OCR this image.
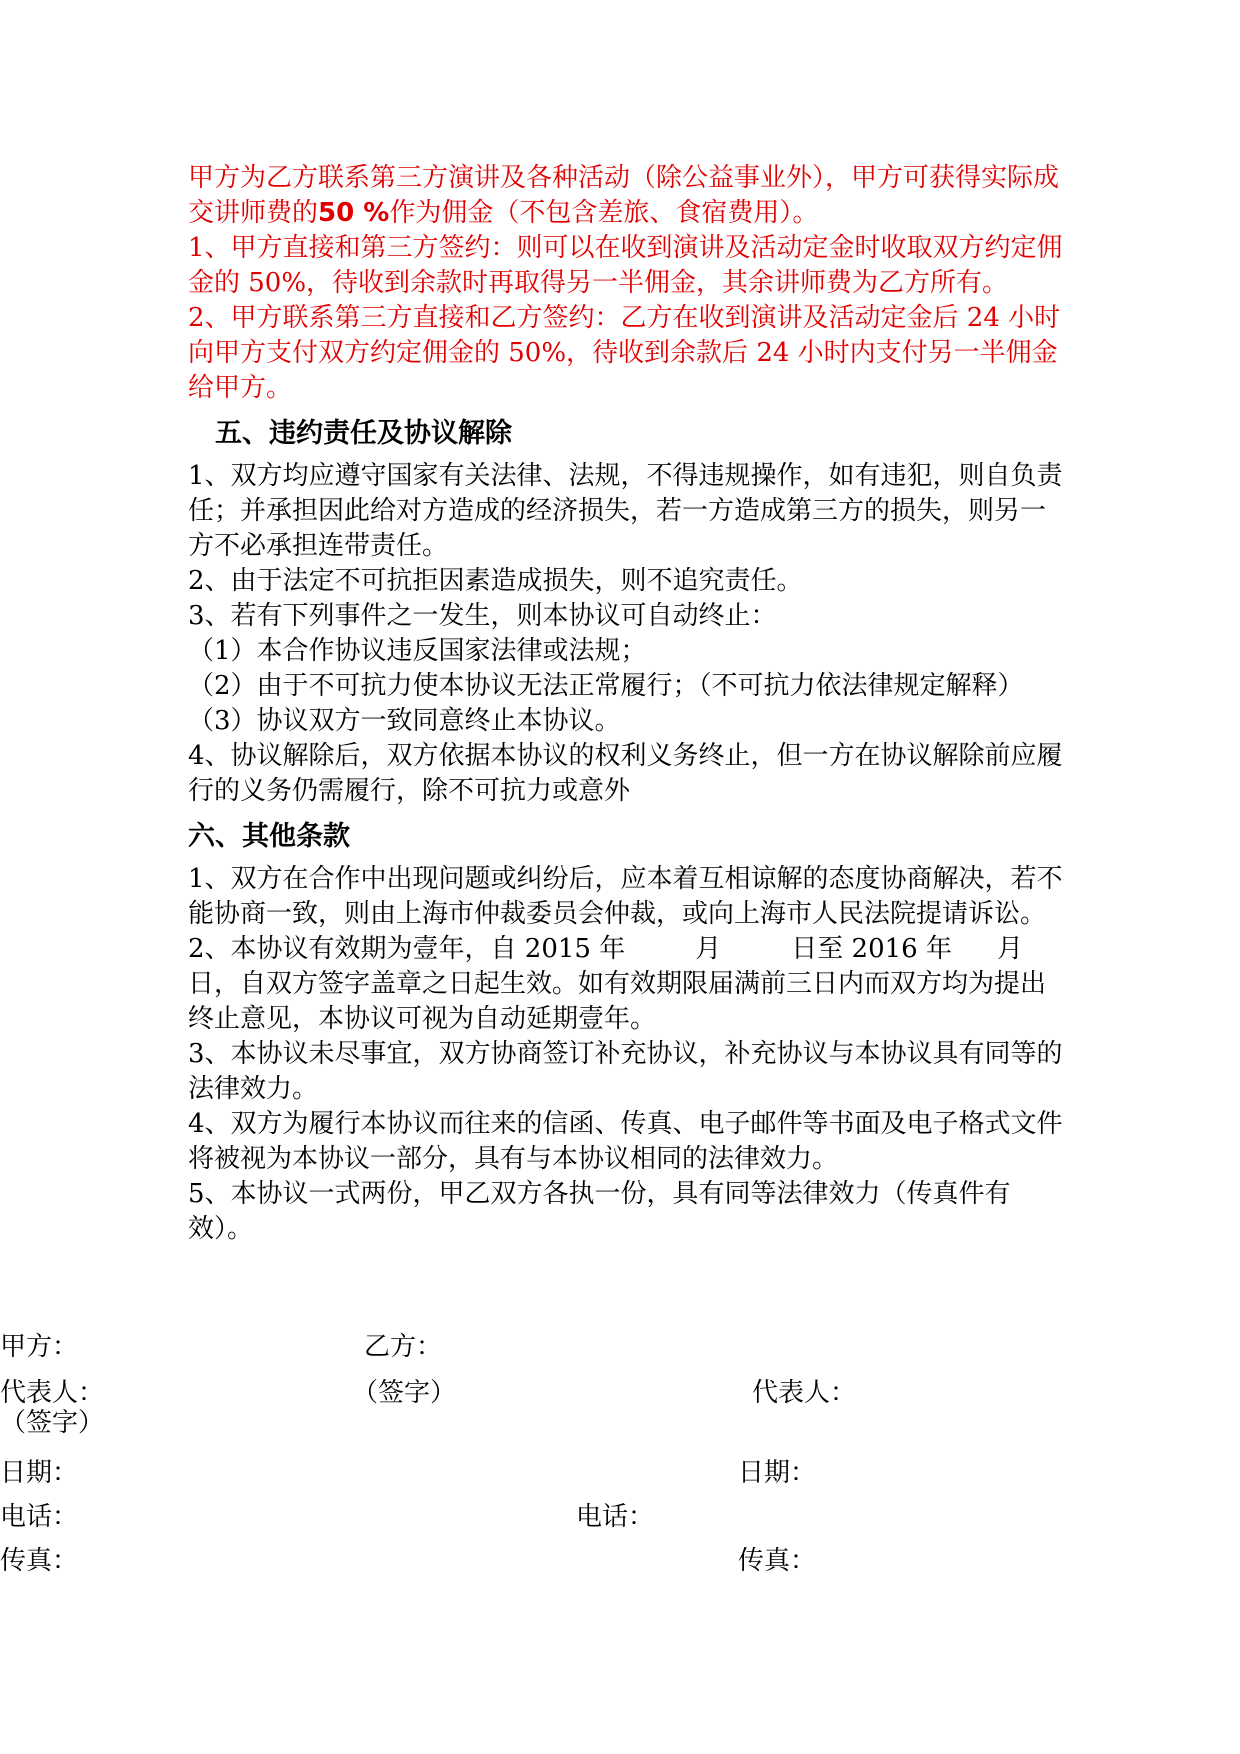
甲方为乙方联系第三方演讲及各种活动（除公益事业外），甲方可获得实际成交讲师费的50 %作为佣金（不包含差旅、食宿费用）。

1、甲方直接和第三方签约：则可以在收到演讲及活动定金时收取双方约定佣金的 50%，待收到余款时再取得另一半佣金，其余讲师费为乙方所有。

2、甲方联系第三方直接和乙方签约：乙方在收到演讲及活动定金后 24 小时向甲方支付双方约定佣金的 50%，待收到余款后 24 小时内支付另一半佣金给甲方。

五、违约责任及协议解除

1、双方均应遵守国家有关法律、法规，不得违规操作，如有违犯，则自负责任；并承担因此给对方造成的经济损失，若一方造成第三方的损失，则另一方不必承担连带责任。

2、由于法定不可抗拒因素造成损失，则不追究责任。

3、若有下列事件之一发生，则本协议可自动终止：

（1）本合作协议违反国家法律或法规；

（2）由于不可抗力使本协议无法正常履行；（不可抗力依法律规定解释）

（3）协议双方一致同意终止本协议。

4、协议解除后，双方依据本协议的权利义务终止，但一方在协议解除前应履行的义务仍需履行，除不可抗力或意外

六、其他条款

1、双方在合作中出现问题或纠纷后，应本着互相谅解的态度协商解决，若不能协商一致，则由上海市仲裁委员会仲裁，或向上海市人民法院提请诉讼。

2、本协议有效期为壹年，自 2015 年	月	日至 2016 年 月日，自双方签字盖章之日起生效。如有效期限届满前三日内而双方均为提出终止意见，本协议可视为自动延期壹年。

3、本协议未尽事宜，双方协商签订补充协议，补充协议与本协议具有同等的法律效力。

4、双方为履行本协议而往来的信函、传真、电子邮件等书面及电子格式文件将被视为本协议一部分，具有与本协议相同的法律效力。

5、本协议一式两份，甲乙双方各执一份，具有同等法律效力（传真件有效）。

甲方：	乙方：
代表人：	（签字）	代表人：
（签字）
日期：	日期：
电话：	电话：
传真：	传真：
